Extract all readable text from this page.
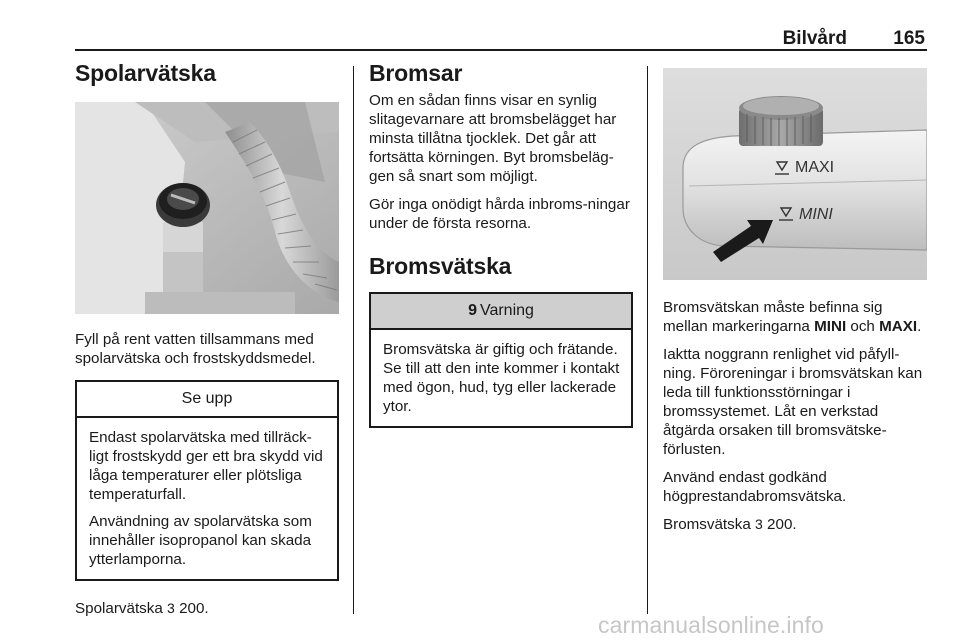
Bilvård 165
Spolarvätska

Fyll på rent vatten tillsammans med spolarvätska och frostskyddsmedel.

Se upp

Endast spolarvätska med tillräck-ligt frostskydd ger ett bra skydd vid låga temperaturer eller plötsliga temperaturfall.

Användning av spolarvätska som innehåller isopropanol kan skada ytterlamporna.

Spolarvätska 3 200.

Bromsar

Om en sådan finns visar en synlig slitagevarnare att bromsbelägget har minsta tillåtna tjocklek. Det går att fortsätta körningen. Byt bromsbeläg-gen så snart som möjligt.

Gör inga onödigt hårda inbroms-ningar under de första resorna.

Bromsvätska
9 Varning

Bromsvätska är giftig och frätande. Se till att den inte kommer i kontakt med ögon, hud, tyg eller lackerade ytor.

MAXI
MINI

Bromsvätskan måste befinna sig mellan markeringarna MINI och MAXI.

Iaktta noggrann renlighet vid påfyll-ning. Föroreningar i bromsvätskan kan leda till funktionsstörningar i bromssystemet. Låt en verkstad åtgärda orsaken till bromsvätske-förlusten.

Använd endast godkänd högprestandabromsvätska.

Bromsvätska 3 200.

carmanualsonline.info
